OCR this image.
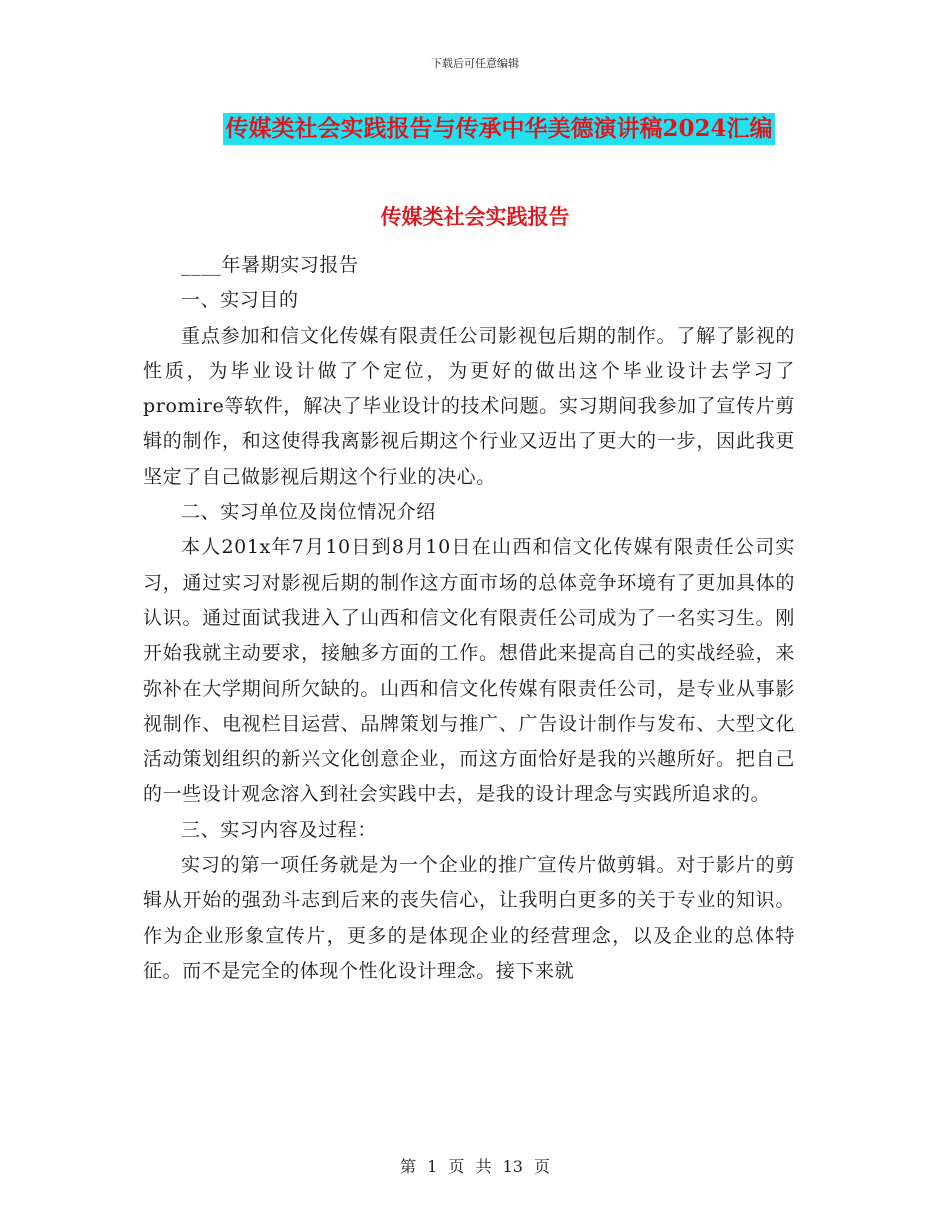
下载后可任意编辑
传媒类社会实践报告与传承中华美德演讲稿2024汇编
传媒类社会实践报告

____年暑期实习报告

一、实习目的

重点参加和信文化传媒有限责任公司影视包后期的制作。了解了影视的性质，为毕业设计做了个定位，为更好的做出这个毕业设计去学习了promire等软件，解决了毕业设计的技术问题。实习期间我参加了宣传片剪辑的制作，和这使得我离影视后期这个行业又迈出了更大的一步，因此我更坚定了自己做影视后期这个行业的决心。

二、实习单位及岗位情况介绍

本人201x年7月10日到8月10日在山西和信文化传媒有限责任公司实习，通过实习对影视后期的制作这方面市场的总体竞争环境有了更加具体的认识。通过面试我进入了山西和信文化有限责任公司成为了一名实习生。刚开始我就主动要求，接触多方面的工作。想借此来提高自己的实战经验，来弥补在大学期间所欠缺的。山西和信文化传媒有限责任公司，是专业从事影视制作、电视栏目运营、品牌策划与推广、广告设计制作与发布、大型文化活动策划组织的新兴文化创意企业，而这方面恰好是我的兴趣所好。把自己的一些设计观念溶入到社会实践中去，是我的设计理念与实践所追求的。

三、实习内容及过程：

实习的第一项任务就是为一个企业的推广宣传片做剪辑。对于影片的剪辑从开始的强劲斗志到后来的丧失信心，让我明白更多的关于专业的知识。作为企业形象宣传片，更多的是体现企业的经营理念，以及企业的总体特征。而不是完全的体现个性化设计理念。接下来就

第 1 页 共 13 页
